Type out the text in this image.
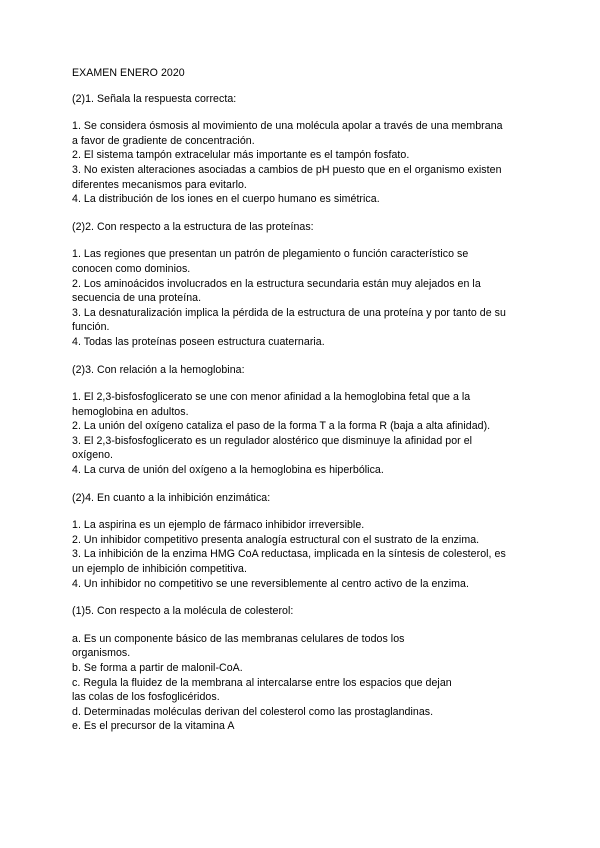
EXAMEN ENERO 2020
(2)1. Señala la respuesta correcta:
1. Se considera ósmosis al movimiento de una molécula apolar a través de una membrana
a favor de gradiente de concentración.
2. El sistema tampón extracelular más importante es el tampón fosfato.
3. No existen alteraciones asociadas a cambios de pH puesto que en el organismo existen
diferentes mecanismos para evitarlo.
4. La distribución de los iones en el cuerpo humano es simétrica.
(2)2. Con respecto a la estructura de las proteínas:
1. Las regiones que presentan un patrón de plegamiento o función característico se
conocen como dominios.
2. Los aminoácidos involucrados en la estructura secundaria están muy alejados en la
secuencia de una proteína.
3. La desnaturalización implica la pérdida de la estructura de una proteína y por tanto de su
función.
4. Todas las proteínas poseen estructura cuaternaria.
(2)3. Con relación a la hemoglobina:
1. El 2,3-bisfosfoglicerato se une con menor afinidad a la hemoglobina fetal que a la
hemoglobina en adultos.
2. La unión del oxígeno cataliza el paso de la forma T a la forma R (baja a alta afinidad).
3. El 2,3-bisfosfoglicerato es un regulador alostérico que disminuye la afinidad por el
oxígeno.
4. La curva de unión del oxígeno a la hemoglobina es hiperbólica.
(2)4. En cuanto a la inhibición enzimática:
1. La aspirina es un ejemplo de fármaco inhibidor irreversible.
2. Un inhibidor competitivo presenta analogía estructural con el sustrato de la enzima.
3. La inhibición de la enzima HMG CoA reductasa, implicada en la síntesis de colesterol, es
un ejemplo de inhibición competitiva.
4. Un inhibidor no competitivo se une reversiblemente al centro activo de la enzima.
(1)5. Con respecto a la molécula de colesterol:
a. Es un componente básico de las membranas celulares de todos los
organismos.
b. Se forma a partir de malonil-CoA.
c. Regula la fluidez de la membrana al intercalarse entre los espacios que dejan
las colas de los fosfoglicéridos.
d. Determinadas moléculas derivan del colesterol como las prostaglandinas.
e. Es el precursor de la vitamina A
